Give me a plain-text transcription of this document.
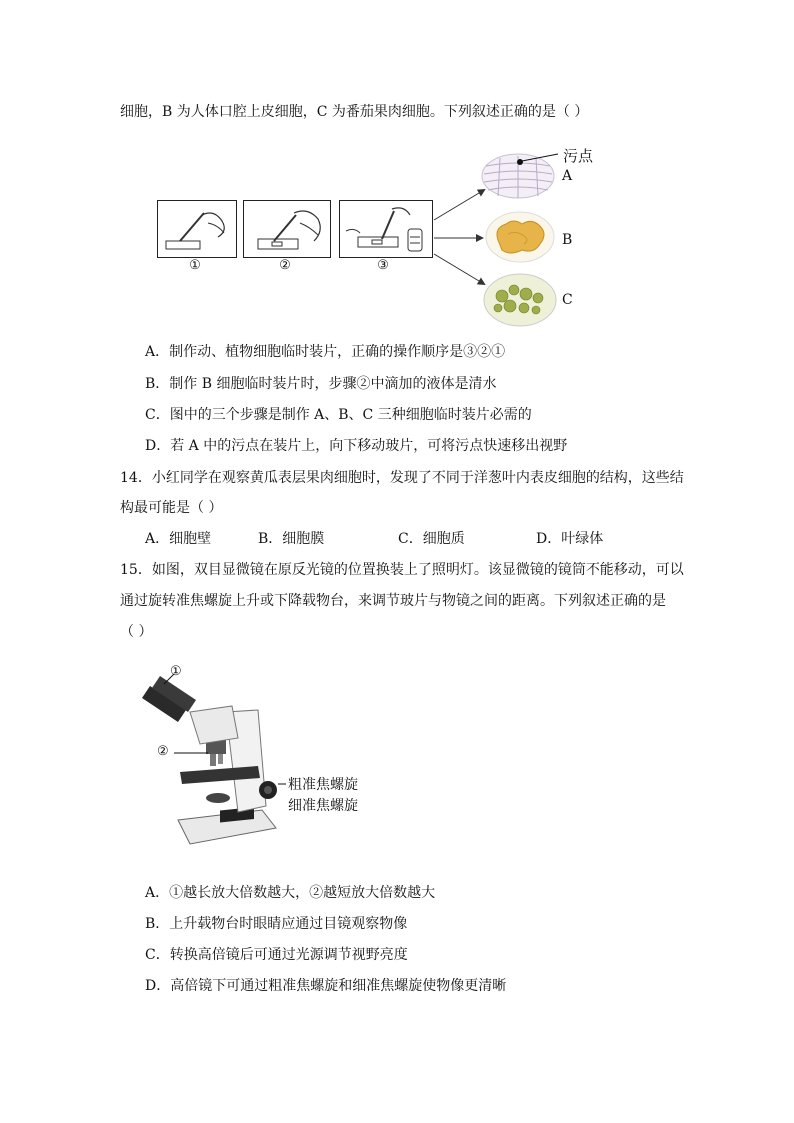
细胞，B 为人体口腔上皮细胞，C 为番茄果肉细胞。下列叙述正确的是（ ）
①	②	③
污点
A
B
C
A．制作动、植物细胞临时装片，正确的操作顺序是③②①
B．制作 B 细胞临时装片时，步骤②中滴加的液体是清水
C．图中的三个步骤是制作 A、B、C 三种细胞临时装片必需的
D．若 A 中的污点在装片上，向下移动玻片，可将污点快速移出视野
14．小红同学在观察黄瓜表层果肉细胞时，发现了不同于洋葱叶内表皮细胞的结构，这些结
构最可能是（ ）
A．细胞壁	B．细胞膜	C．细胞质	D．叶绿体
15．如图，双目显微镜在原反光镜的位置换装上了照明灯。该显微镜的镜筒不能移动，可以
通过旋转准焦螺旋上升或下降载物台，来调节玻片与物镜之间的距离。下列叙述正确的是
（ ）
①
②
粗准焦螺旋
细准焦螺旋
A．①越长放大倍数越大，②越短放大倍数越大
B．上升载物台时眼睛应通过目镜观察物像
C．转换高倍镜后可通过光源调节视野亮度
D．高倍镜下可通过粗准焦螺旋和细准焦螺旋使物像更清晰
